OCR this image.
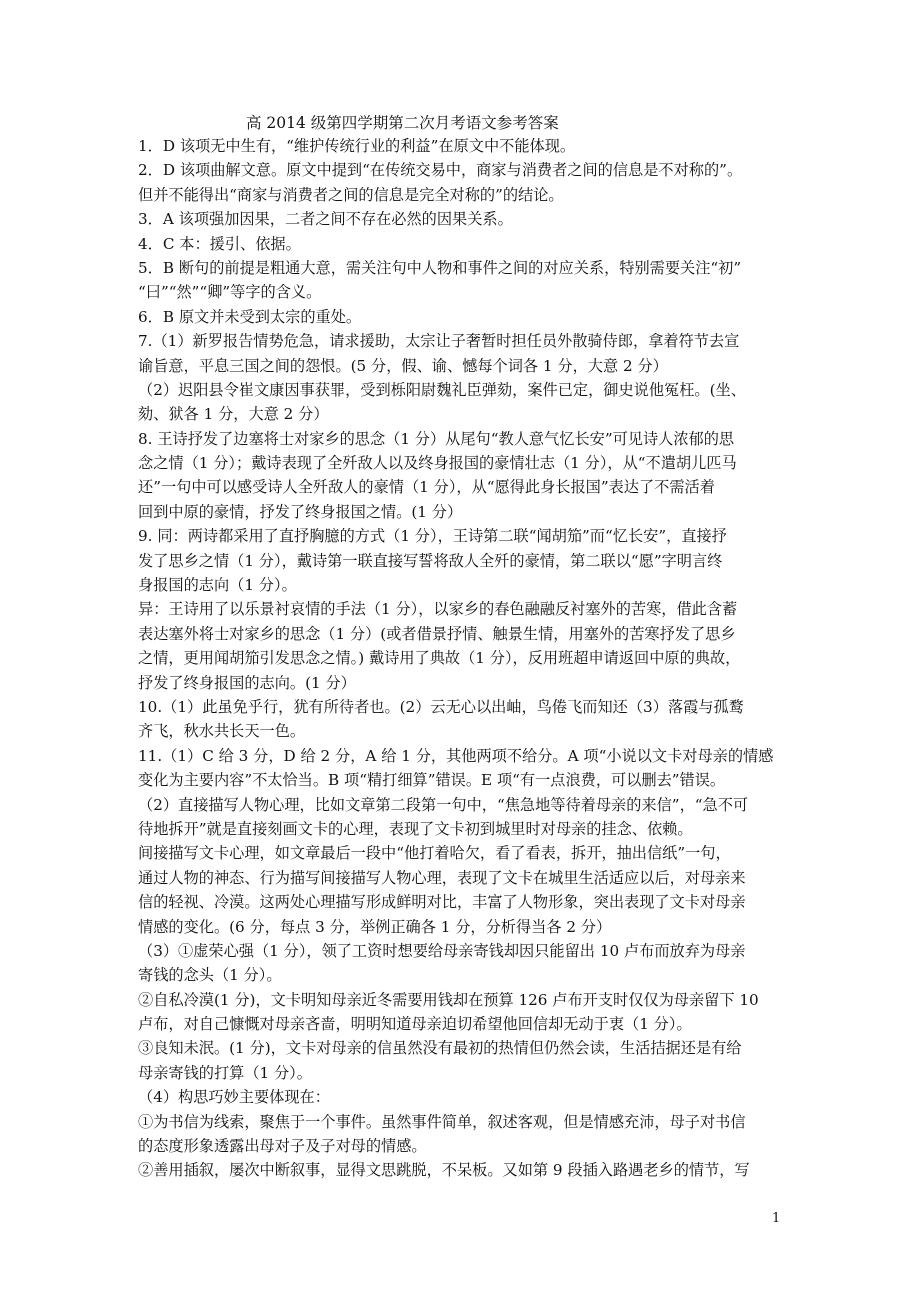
高 2014 级第四学期第二次月考语文参考答案
1．D 该项无中生有，“维护传统行业的利益”在原文中不能体现。
2．D 该项曲解文意。原文中提到“在传统交易中，商家与消费者之间的信息是不对称的”。
但并不能得出“商家与消费者之间的信息是完全对称的”的结论。
3．A 该项强加因果，二者之间不存在必然的因果关系。
4．C 本：援引、依据。
5．B 断句的前提是粗通大意，需关注句中人物和事件之间的对应关系，特别需要关注“初”
“曰”“然”“卿”等字的含义。
6．B 原文并未受到太宗的重处。
7.（1）新罗报告情势危急，请求援助，太宗让子奢暂时担任员外散骑侍郎，拿着符节去宣
谕旨意，平息三国之间的怨恨。(5 分，假、谕、憾每个词各 1 分，大意 2 分）
（2）迟阳县令崔文康因事获罪，受到栎阳尉魏礼臣弹劾，案件已定，御史说他冤枉。(坐、
劾、狱各 1 分，大意 2 分）
8. 王诗抒发了边塞将士对家乡的思念（1 分）从尾句“教人意气忆长安”可见诗人浓郁的思
念之情（1 分）；戴诗表现了全歼敌人以及终身报国的豪情壮志（1 分），从“不遣胡儿匹马
还”一句中可以感受诗人全歼敌人的豪情（1 分），从“愿得此身长报国”表达了不需活着
回到中原的豪情，抒发了终身报国之情。(1 分）
9. 同：两诗都采用了直抒胸臆的方式（1 分），王诗第二联“闻胡笳”而“忆长安”，直接抒
发了思乡之情（1 分），戴诗第一联直接写誓将敌人全歼的豪情，第二联以“愿”字明言终
身报国的志向（1 分）。
异：王诗用了以乐景衬哀情的手法（1 分），以家乡的春色融融反衬塞外的苦寒，借此含蓄
表达塞外将士对家乡的思念（1 分）(或者借景抒情、触景生情，用塞外的苦寒抒发了思乡
之情，更用闻胡笳引发思念之情。) 戴诗用了典故（1 分），反用班超申请返回中原的典故，
抒发了终身报国的志向。(1 分）
10.（1）此虽免乎行，犹有所待者也。(2）云无心以出岫，鸟倦飞而知还（3）落霞与孤鹜
齐飞，秋水共长天一色。
11.（1）C 给 3 分，D 给 2 分，A 给 1 分，其他两项不给分。A 项“小说以文卡对母亲的情感
变化为主要内容”不太恰当。B 项“精打细算”错误。E 项“有一点浪费，可以删去”错误。
（2）直接描写人物心理，比如文章第二段第一句中，“焦急地等待着母亲的来信”，“急不可
待地拆开”就是直接刻画文卡的心理，表现了文卡初到城里时对母亲的挂念、依赖。
间接描写文卡心理，如文章最后一段中“他打着哈欠，看了看表，拆开，抽出信纸”一句，
通过人物的神态、行为描写间接描写人物心理，表现了文卡在城里生活适应以后，对母亲来
信的轻视、冷漠。这两处心理描写形成鲜明对比，丰富了人物形象，突出表现了文卡对母亲
情感的变化。(6 分，每点 3 分，举例正确各 1 分，分析得当各 2 分）
（3）①虚荣心强（1 分），领了工资时想要给母亲寄钱却因只能留出 10 卢布而放弃为母亲
寄钱的念头（1 分）。
②自私冷漠(1 分)，文卡明知母亲近冬需要用钱却在预算 126 卢布开支时仅仅为母亲留下 10
卢布，对自己慷慨对母亲吝啬，明明知道母亲迫切希望他回信却无动于衷（1 分）。
③良知未泯。(1 分)，文卡对母亲的信虽然没有最初的热情但仍然会读，生活拮据还是有给
母亲寄钱的打算（1 分）。
（4）构思巧妙主要体现在：
①为书信为线索，聚焦于一个事件。虽然事件简单，叙述客观，但是情感充沛，母子对书信
的态度形象透露出母对子及子对母的情感。
②善用插叙，屡次中断叙事，显得文思跳脱，不呆板。又如第 9 段插入路遇老乡的情节，写
1
